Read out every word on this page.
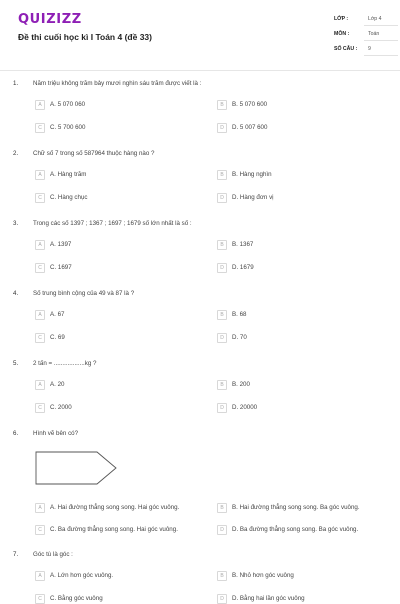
QUIZIZZ
Đề thi cuối học kì I Toán 4 (đề 33)
LỚP :	Lớp 4
MÔN :	Toán
SỐ CÂU : 9
1. Năm triệu không trăm bảy mươi nghìn sáu trăm được viết là :
A	A. 5 070 060	B	B. 5 070 600
C	C. 5 700 600	D	D. 5 007 600
2. Chữ số 7 trong số 587964 thuộc hàng nào ?
A	A. Hàng trăm	B	B. Hàng nghìn
C	C. Hàng chục	D	D. Hàng đơn vị
3. Trong các số 1397 ; 1367 ; 1697 ; 1679 số lớn nhất là số :
A	A. 1397	B	B. 1367
C	C. 1697	D	D. 1679
4. Số trung bình cộng của 49 và 87 là ?
A	A. 67	B	B. 68
C	C. 69	D	D. 70
5. 2 tấn = ..................kg ?
A	A. 20	B	B. 200
C	C. 2000	D	D. 20000
6. Hình vẽ bên có?
A	A. Hai đường thẳng song song. Hai góc vuông.	B	B. Hai đường thẳng song song. Ba góc vuông.
C	C. Ba đường thẳng song song. Hai góc vuông.	D	D. Ba đường thẳng song song. Ba góc vuông.
7. Góc tù là góc :
A	A. Lớn hơn góc vuông.	B	B. Nhỏ hơn góc vuông
C	C. Bằng góc vuông	D	D. Bằng hai lần góc vuông
